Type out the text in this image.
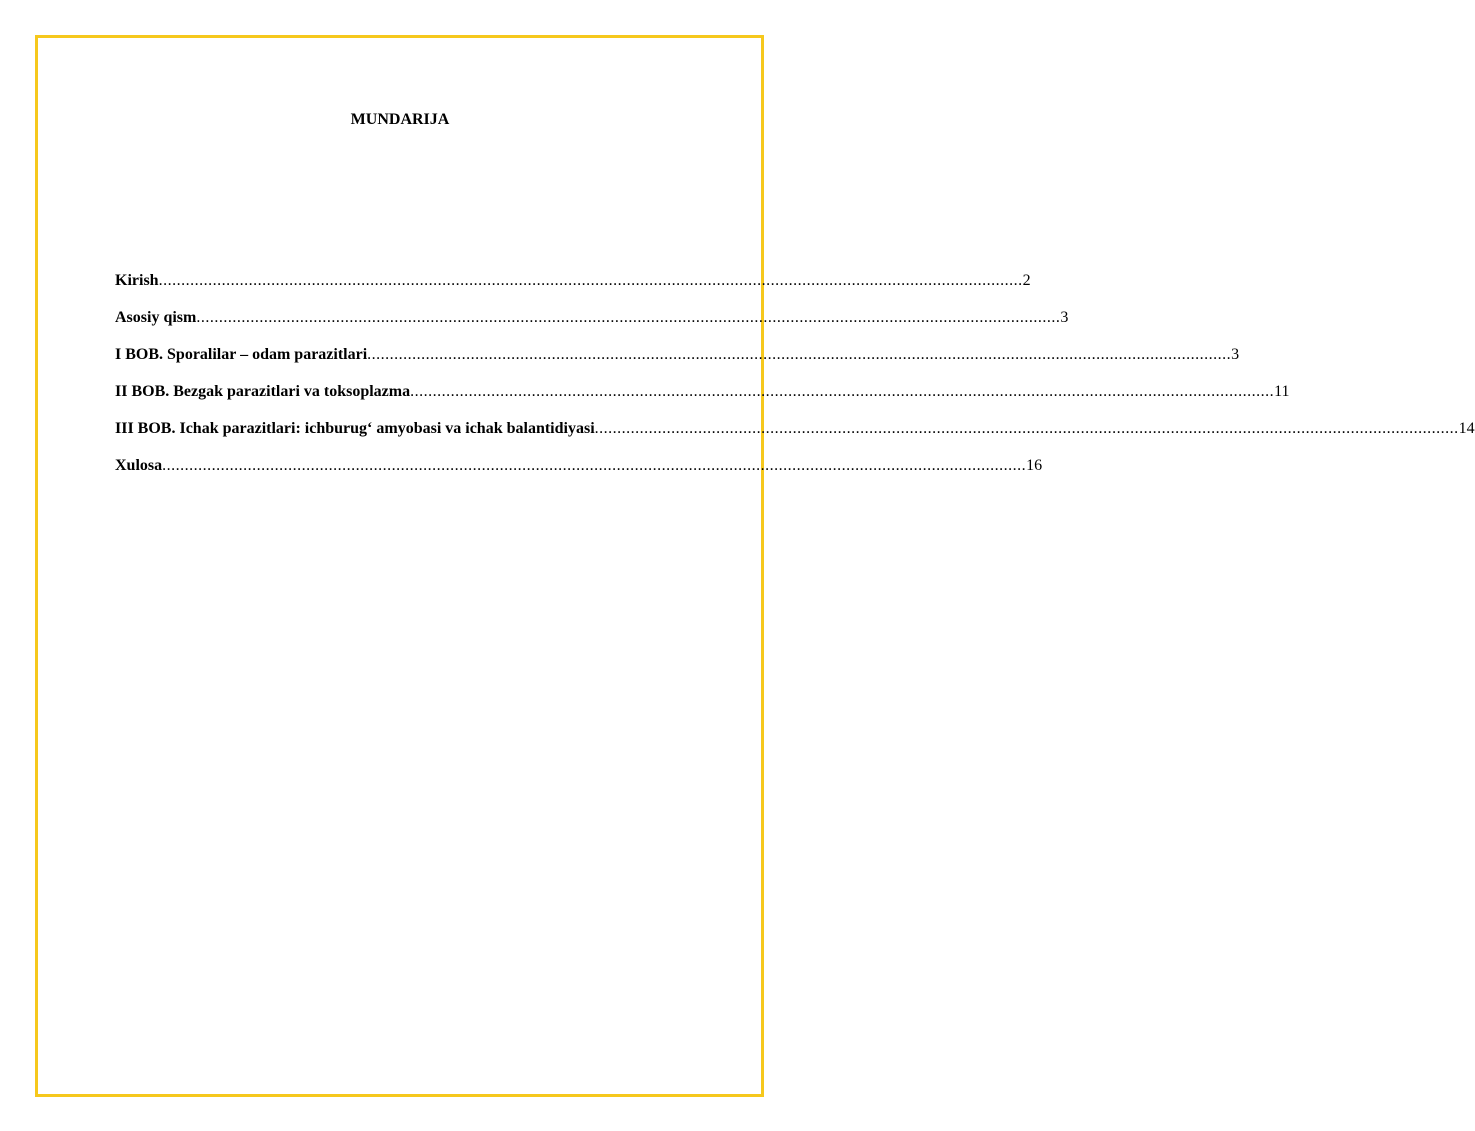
MUNDARIJA
Kirish ................................................................................................................................................................................................ 2
Asosiy qism ................................................................................................................................................................................................ 3
I BOB. Sporalilar – odam parazitlari ................................................................................................................................................................................................ 3
II BOB. Bezgak parazitlari va toksoplazma ................................................................................................................................................................................................ 11
III BOB. Ichak parazitlari: ichburug‘ amyobasi va ichak balantidiyasi ................................................................................................................................................................................................ 14
Xulosa ................................................................................................................................................................................................ 16
